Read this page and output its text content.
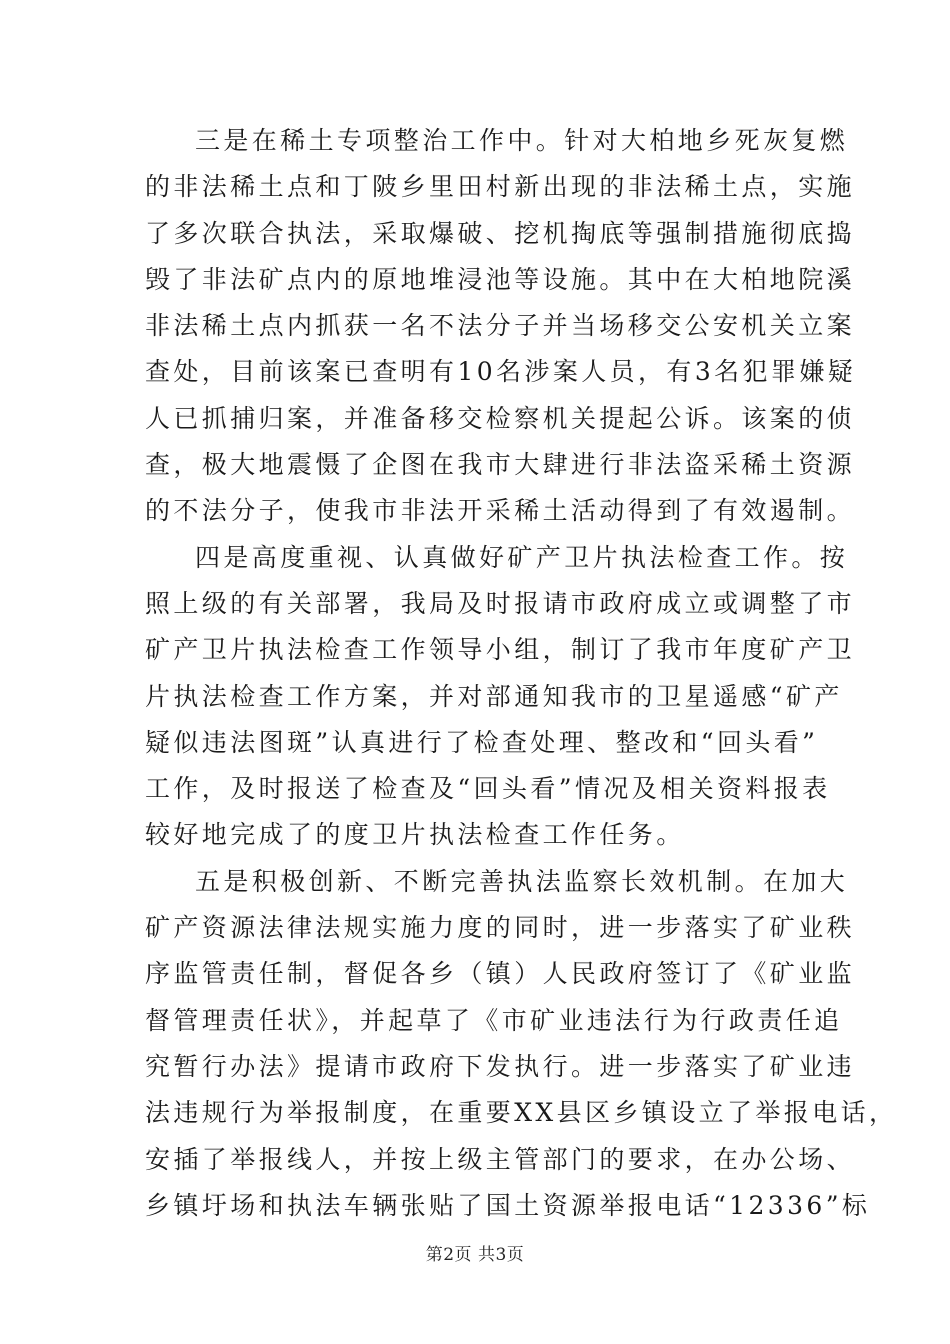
三是在稀土专项整治工作中。针对大柏地乡死灰复燃
的非法稀土点和丁陂乡里田村新出现的非法稀土点，实施
了多次联合执法，采取爆破、挖机掏底等强制措施彻底捣
毁了非法矿点内的原地堆浸池等设施。其中在大柏地院溪
非法稀土点内抓获一名不法分子并当场移交公安机关立案
查处，目前该案已查明有10名涉案人员，有3名犯罪嫌疑
人已抓捕归案，并准备移交检察机关提起公诉。该案的侦
查，极大地震慑了企图在我市大肆进行非法盗采稀土资源
的不法分子，使我市非法开采稀土活动得到了有效遏制。
四是高度重视、认真做好矿产卫片执法检查工作。按
照上级的有关部署，我局及时报请市政府成立或调整了市
矿产卫片执法检查工作领导小组，制订了我市年度矿产卫
片执法检查工作方案，并对部通知我市的卫星遥感“矿产
疑似违法图斑”认真进行了检查处理、整改和“回头看”
工作，及时报送了检查及“回头看”情况及相关资料报表
较好地完成了的度卫片执法检查工作任务。
五是积极创新、不断完善执法监察长效机制。在加大
矿产资源法律法规实施力度的同时，进一步落实了矿业秩
序监管责任制，督促各乡（镇）人民政府签订了《矿业监
督管理责任状》，并起草了《市矿业违法行为行政责任追
究暂行办法》提请市政府下发执行。进一步落实了矿业违
法违规行为举报制度，在重要XX县区乡镇设立了举报电话，
安插了举报线人，并按上级主管部门的要求，在办公场、
乡镇圩场和执法车辆张贴了国土资源举报电话“12336”标
第2页 共3页
